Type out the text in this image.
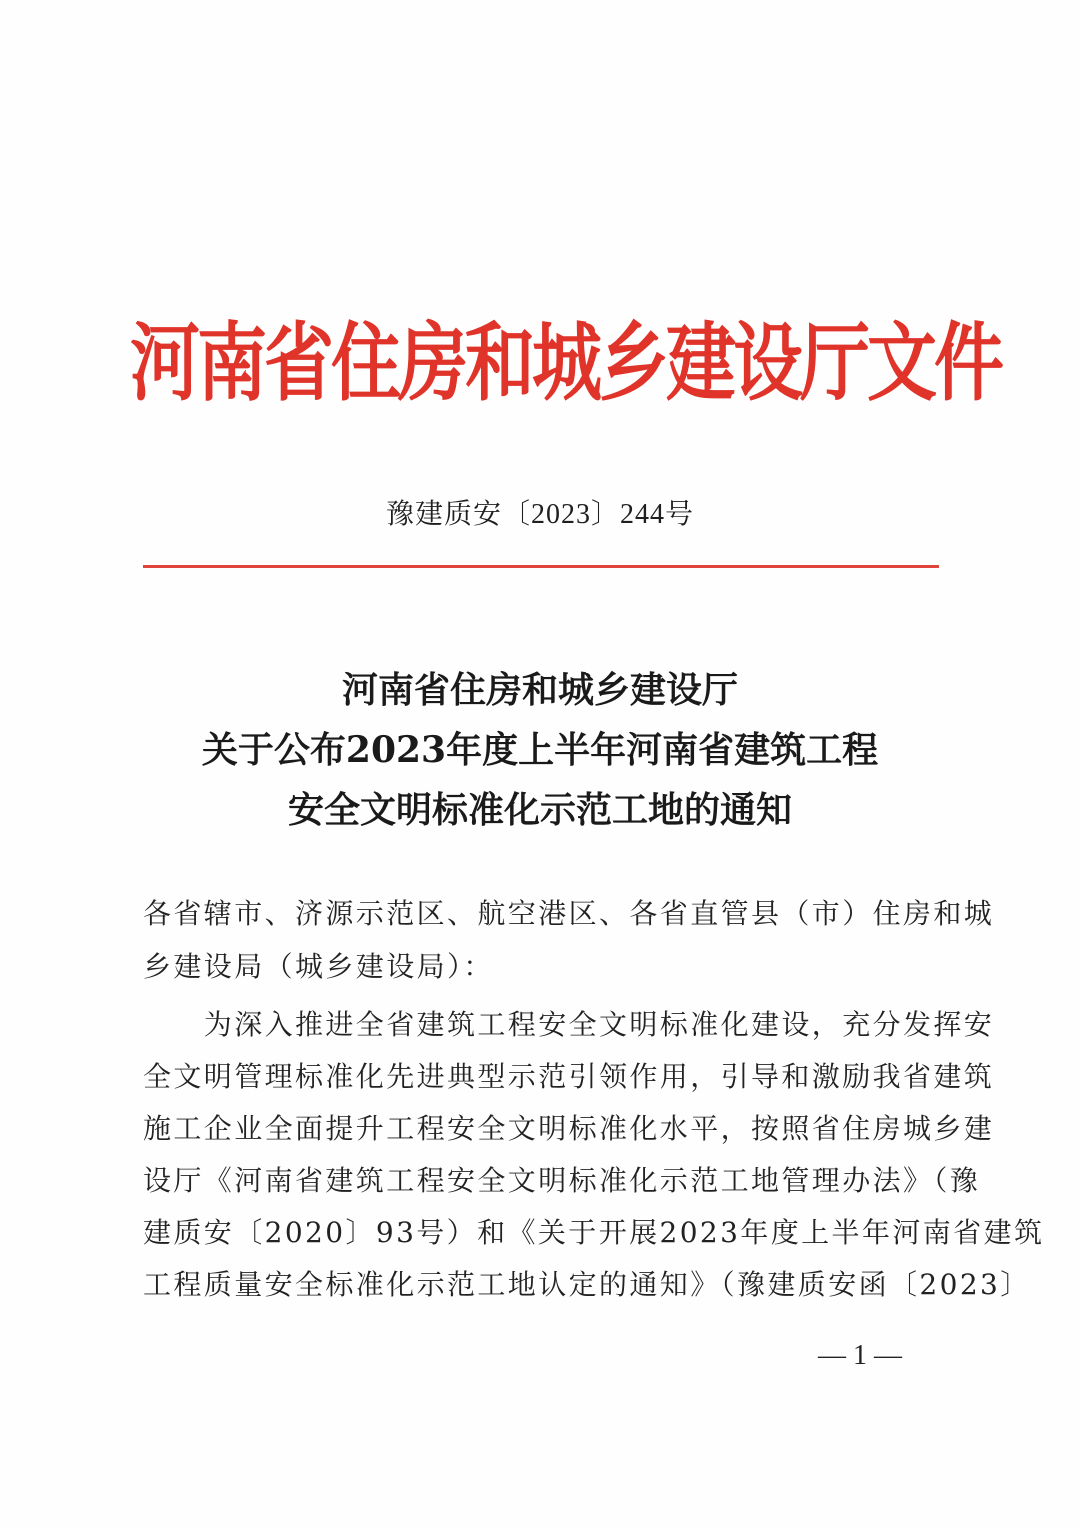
河南省住房和城乡建设厅文件
豫建质安〔2023〕244号
河南省住房和城乡建设厅
关于公布2023年度上半年河南省建筑工程
安全文明标准化示范工地的通知
各省辖市、济源示范区、航空港区、各省直管县（市）住房和城
乡建设局（城乡建设局）：
　　为深入推进全省建筑工程安全文明标准化建设，充分发挥安
全文明管理标准化先进典型示范引领作用，引导和激励我省建筑
施工企业全面提升工程安全文明标准化水平，按照省住房城乡建
设厅《河南省建筑工程安全文明标准化示范工地管理办法》（豫
建质安〔2020〕93号）和《关于开展2023年度上半年河南省建筑
工程质量安全标准化示范工地认定的通知》（豫建质安函〔2023〕
— 1 —
